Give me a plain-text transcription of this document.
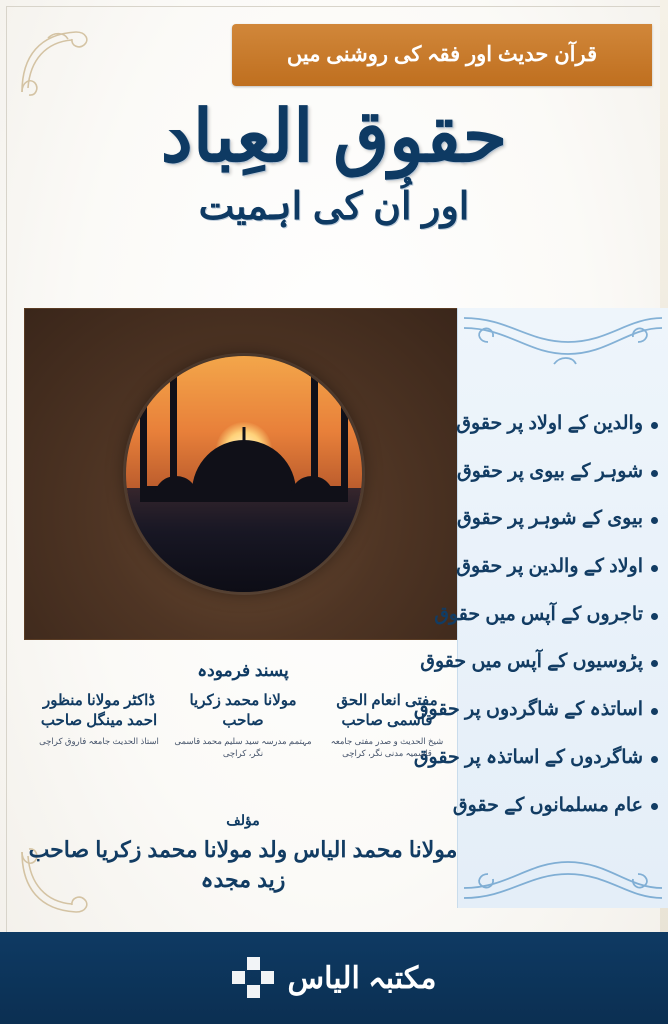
قرآن حدیث اور فقہ کی روشنی میں
حقوق العِباد
اور اُن کی اہمیت
والدین کے اولاد پر حقوق
شوہر کے بیوی پر حقوق
بیوی کے شوہر پر حقوق
اولاد کے والدین پر حقوق
تاجروں کے آپس میں حقوق
پڑوسیوں کے آپس میں حقوق
اساتذہ کے شاگردوں پر حقوق
شاگردوں کے اساتذہ پر حقوق
عام مسلمانوں کے حقوق
پسند فرمودہ
مفتی انعام الحق قاسمی صاحب
شیخ الحدیث و صدر مفتی جامعہ قاسمیہ مدنی نگر، کراچی
مولانا محمد زکریا صاحب
مہتمم مدرسہ سید سلیم محمد قاسمی نگر، کراچی
ڈاکٹر مولانا منظور احمد مینگل صاحب
استاذ الحدیث جامعہ فاروق کراچی
مؤلف
مولانا محمد الیاس ولد مولانا محمد زکریا صاحب زید مجدہ
مکتبہ الیاس
